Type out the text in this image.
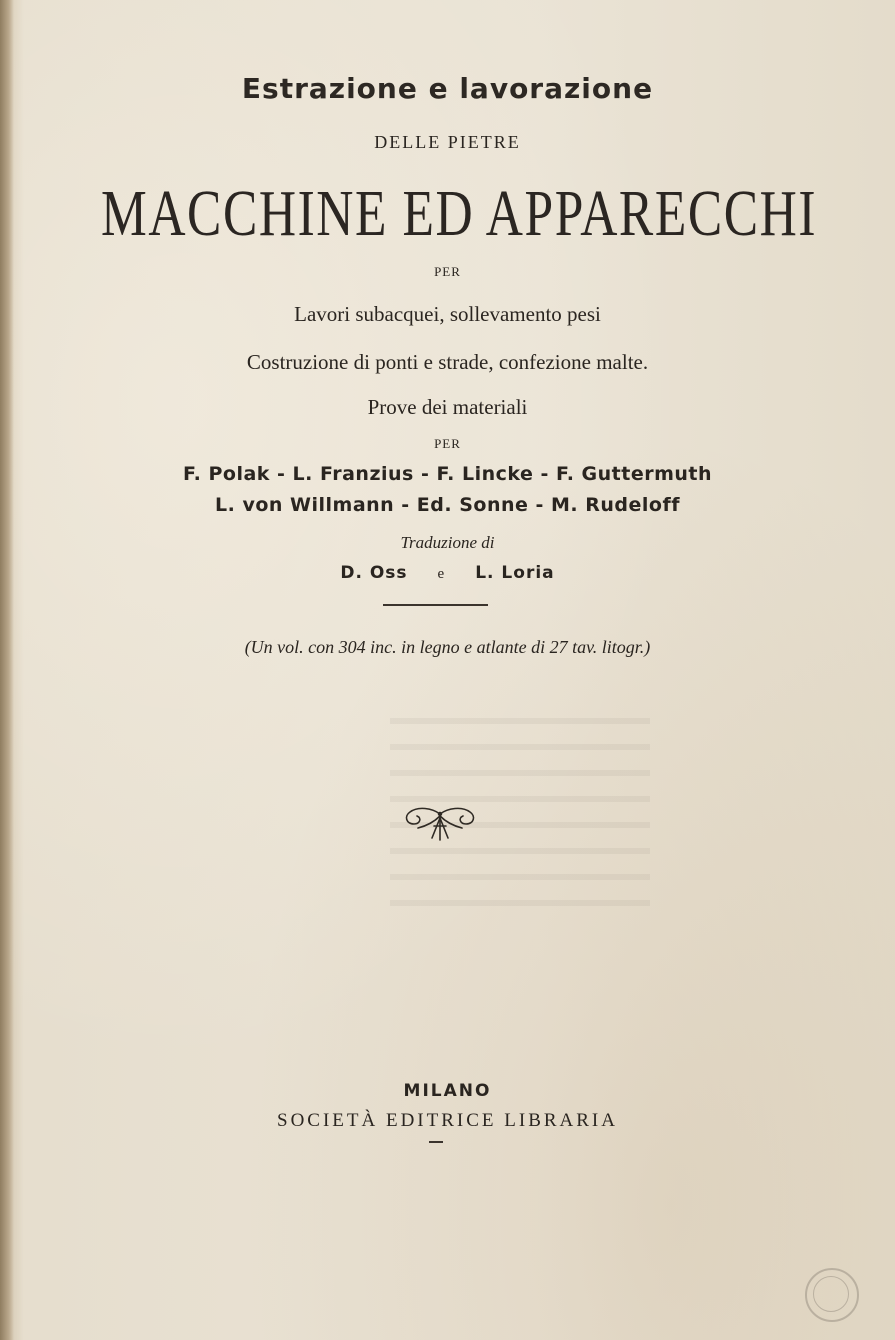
Estrazione e lavorazione
DELLE PIETRE
MACCHINE ED APPARECCHI
PER
Lavori subacquei, sollevamento pesi
Costruzione di ponti e strade, confezione malte.
Prove dei materiali
PER
F. Polak - L. Franzius - F. Lincke - F. Guttermuth
L. von Willmann - Ed. Sonne - M. Rudeloff
Traduzione di
D. Oss e L. Loria
(Un vol. con 304 inc. in legno e atlante di 27 tav. litogr.)
MILANO
SOCIETÀ EDITRICE LIBRARIA
